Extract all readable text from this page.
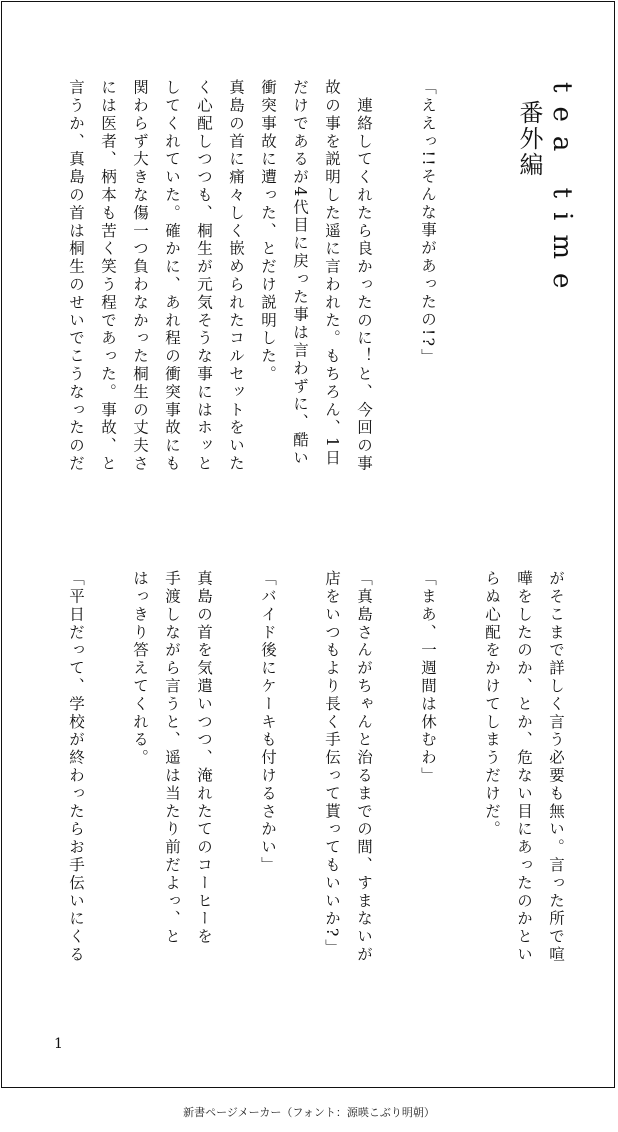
tea time
番外編

「ええっ!!そんな事があったの!?」

　連絡してくれたら良かったのに！と、今回の事

故の事を説明した遥に言われた。もちろん、1日

だけであるが4代目に戻った事は言わずに、酷い

衝突事故に遭った、とだけ説明した。

真島の首に痛々しく嵌められたコルセットをいた

く心配しつつも、桐生が元気そうな事にはホッと

してくれていた。確かに、あれ程の衝突事故にも

関わらず大きな傷一つ負わなかった桐生の丈夫さ

には医者、柄本も苦く笑う程であった。事故、と

言うか、真島の首は桐生のせいでこうなったのだ

がそこまで詳しく言う必要も無い。言った所で喧

嘩をしたのか、とか、危ない目にあったのかとい

らぬ心配をかけてしまうだけだ。

「まあ、一週間は休むわ」

「真島さんがちゃんと治るまでの間、すまないが

店をいつもより長く手伝って貰ってもいいか?」

「バイド後にケーキも付けるさかい」

真島の首を気遣いつつ、淹れたてのコーヒーを

手渡しながら言うと、遥は当たり前だよっ、と

はっきり答えてくれる。

「平日だって、学校が終わったらお手伝いにくる

1
新書ページメーカー（フォント：源暎こぶり明朝）
